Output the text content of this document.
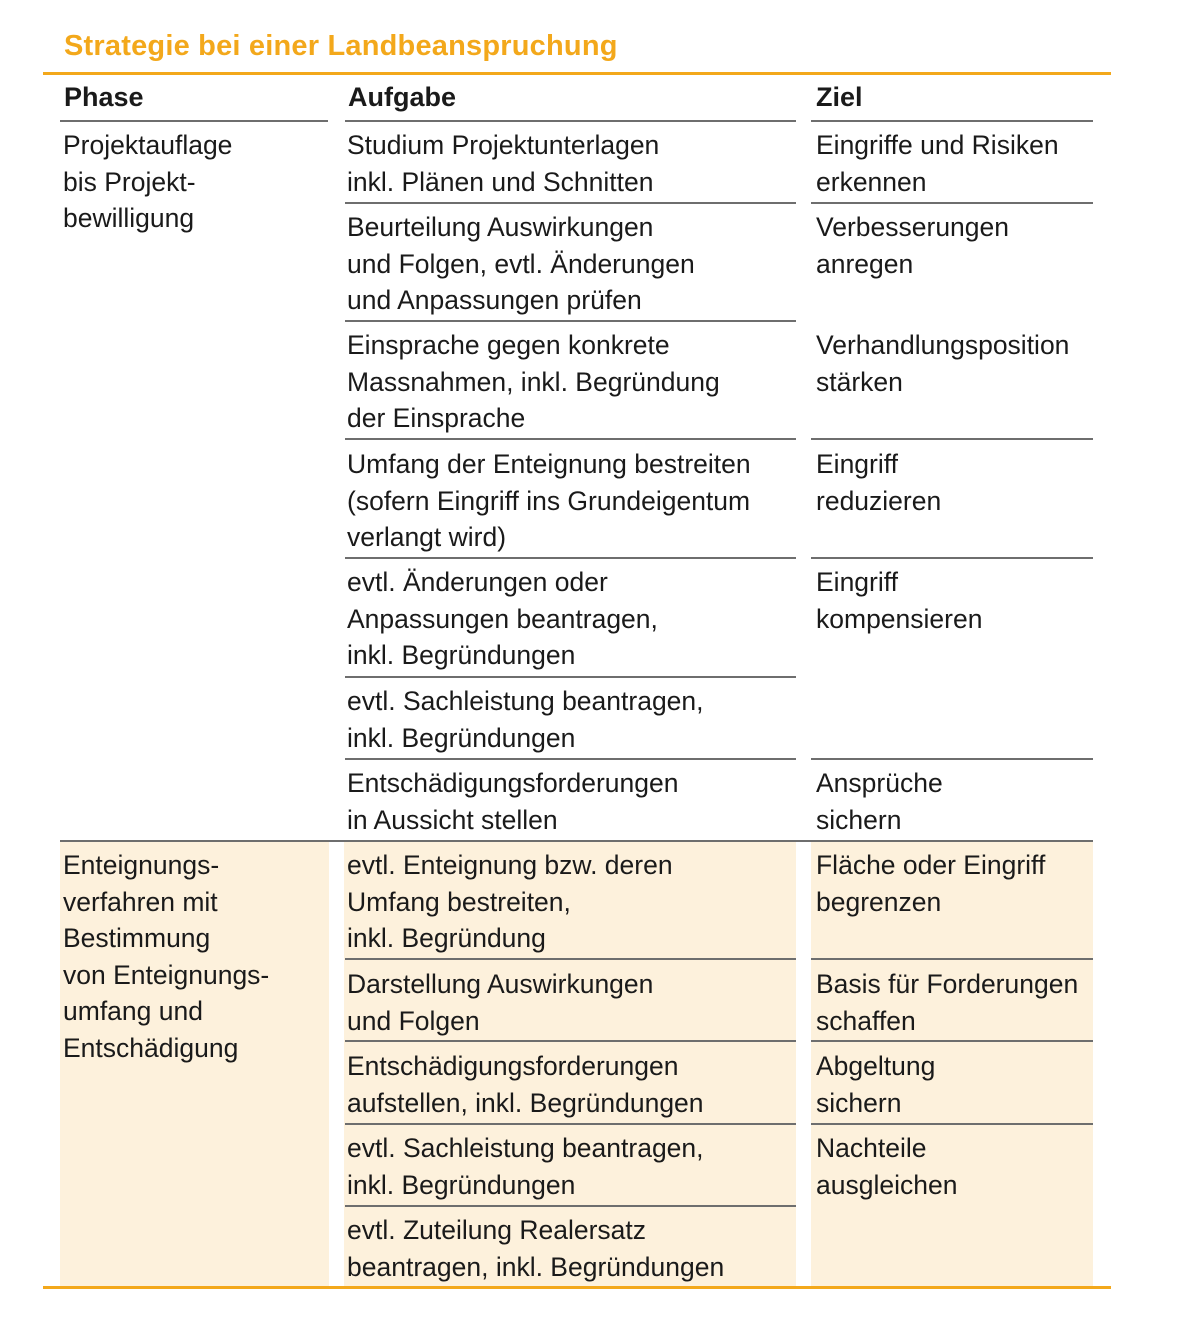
Strategie bei einer Landbeanspruchung
Phase	Aufgabe	Ziel
Projektauflage
bis Projekt-
bewilligung
Enteignungs-
verfahren mit
Bestimmung
von Enteignungs-
umfang und
Entschädigung
Studium Projektunterlagen
inkl. Plänen und Schnitten
Beurteilung Auswirkungen
und Folgen, evtl. Änderungen
und Anpassungen prüfen
Einsprache gegen konkrete
Massnahmen, inkl. Begründung
der Einsprache
Umfang der Enteignung bestreiten
(sofern Eingriff ins Grundeigentum
verlangt wird)
evtl. Änderungen oder
Anpassungen beantragen,
inkl. Begründungen
evtl. Sachleistung beantragen,
inkl. Begründungen
Entschädigungsforderungen
in Aussicht stellen
evtl. Enteignung bzw. deren
Umfang bestreiten,
inkl. Begründung
Darstellung Auswirkungen
und Folgen
Entschädigungsforderungen
aufstellen, inkl. Begründungen
evtl. Sachleistung beantragen,
inkl. Begründungen
evtl. Zuteilung Realersatz
beantragen, inkl. Begründungen
Eingriffe und Risiken
erkennen
Verbesserungen
anregen
Verhandlungsposition
stärken
Eingriff
reduzieren
Eingriff
kompensieren
Ansprüche
sichern
Fläche oder Eingriff
begrenzen
Basis für Forderungen
schaffen
Abgeltung
sichern
Nachteile
ausgleichen
